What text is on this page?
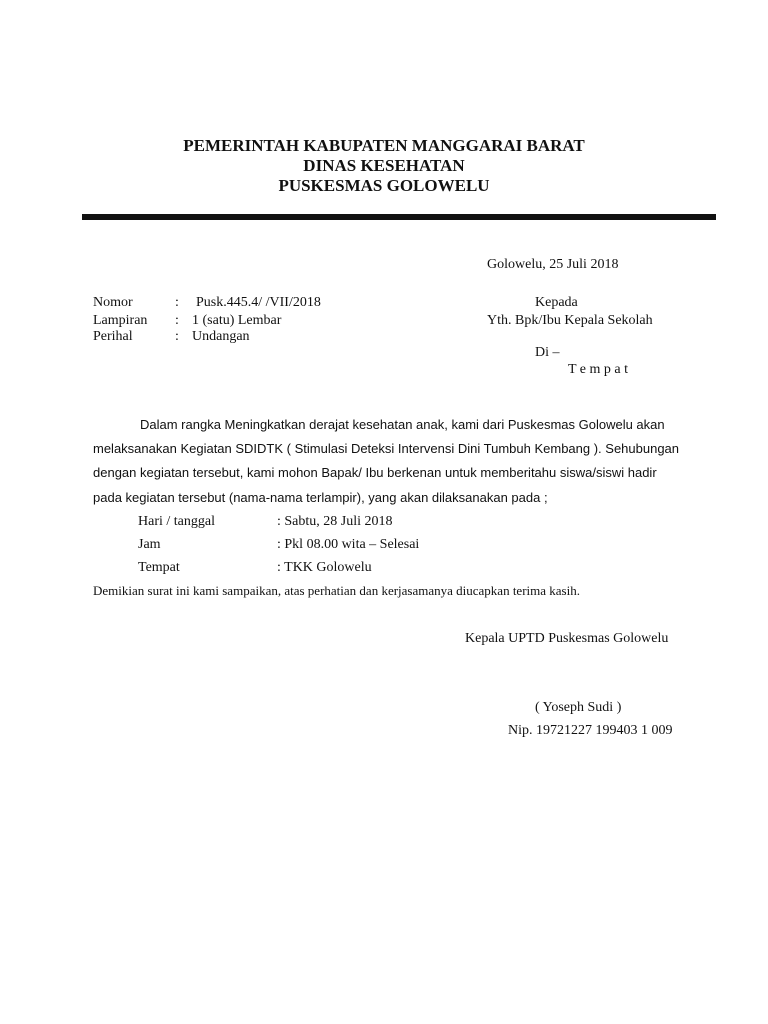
PEMERINTAH KABUPATEN MANGGARAI BARAT
DINAS KESEHATAN
PUSKESMAS GOLOWELU
Golowelu, 25 Juli 2018
Nomor	: Pusk.445.4/ /VII/2018
Lampiran : 1 (satu) Lembar
Perihal	: Undangan
Kepada
Yth. Bpk/Ibu Kepala Sekolah
Di –
T e m p a t
Dalam rangka Meningkatkan derajat kesehatan anak, kami dari Puskesmas Golowelu akan
melaksanakan Kegiatan SDIDTK ( Stimulasi Deteksi Intervensi Dini Tumbuh Kembang ). Sehubungan
dengan kegiatan tersebut, kami mohon Bapak/ Ibu berkenan untuk memberitahu siswa/siswi hadir
pada kegiatan tersebut (nama-nama terlampir), yang akan dilaksanakan pada ;
Hari / tanggal	: Sabtu, 28 Juli 2018
Jam	: Pkl 08.00 wita – Selesai
Tempat	: TKK Golowelu
Demikian surat ini kami sampaikan, atas perhatian dan kerjasamanya diucapkan terima kasih.
Kepala UPTD Puskesmas Golowelu
( Yoseph Sudi )
Nip. 19721227 199403 1 009
